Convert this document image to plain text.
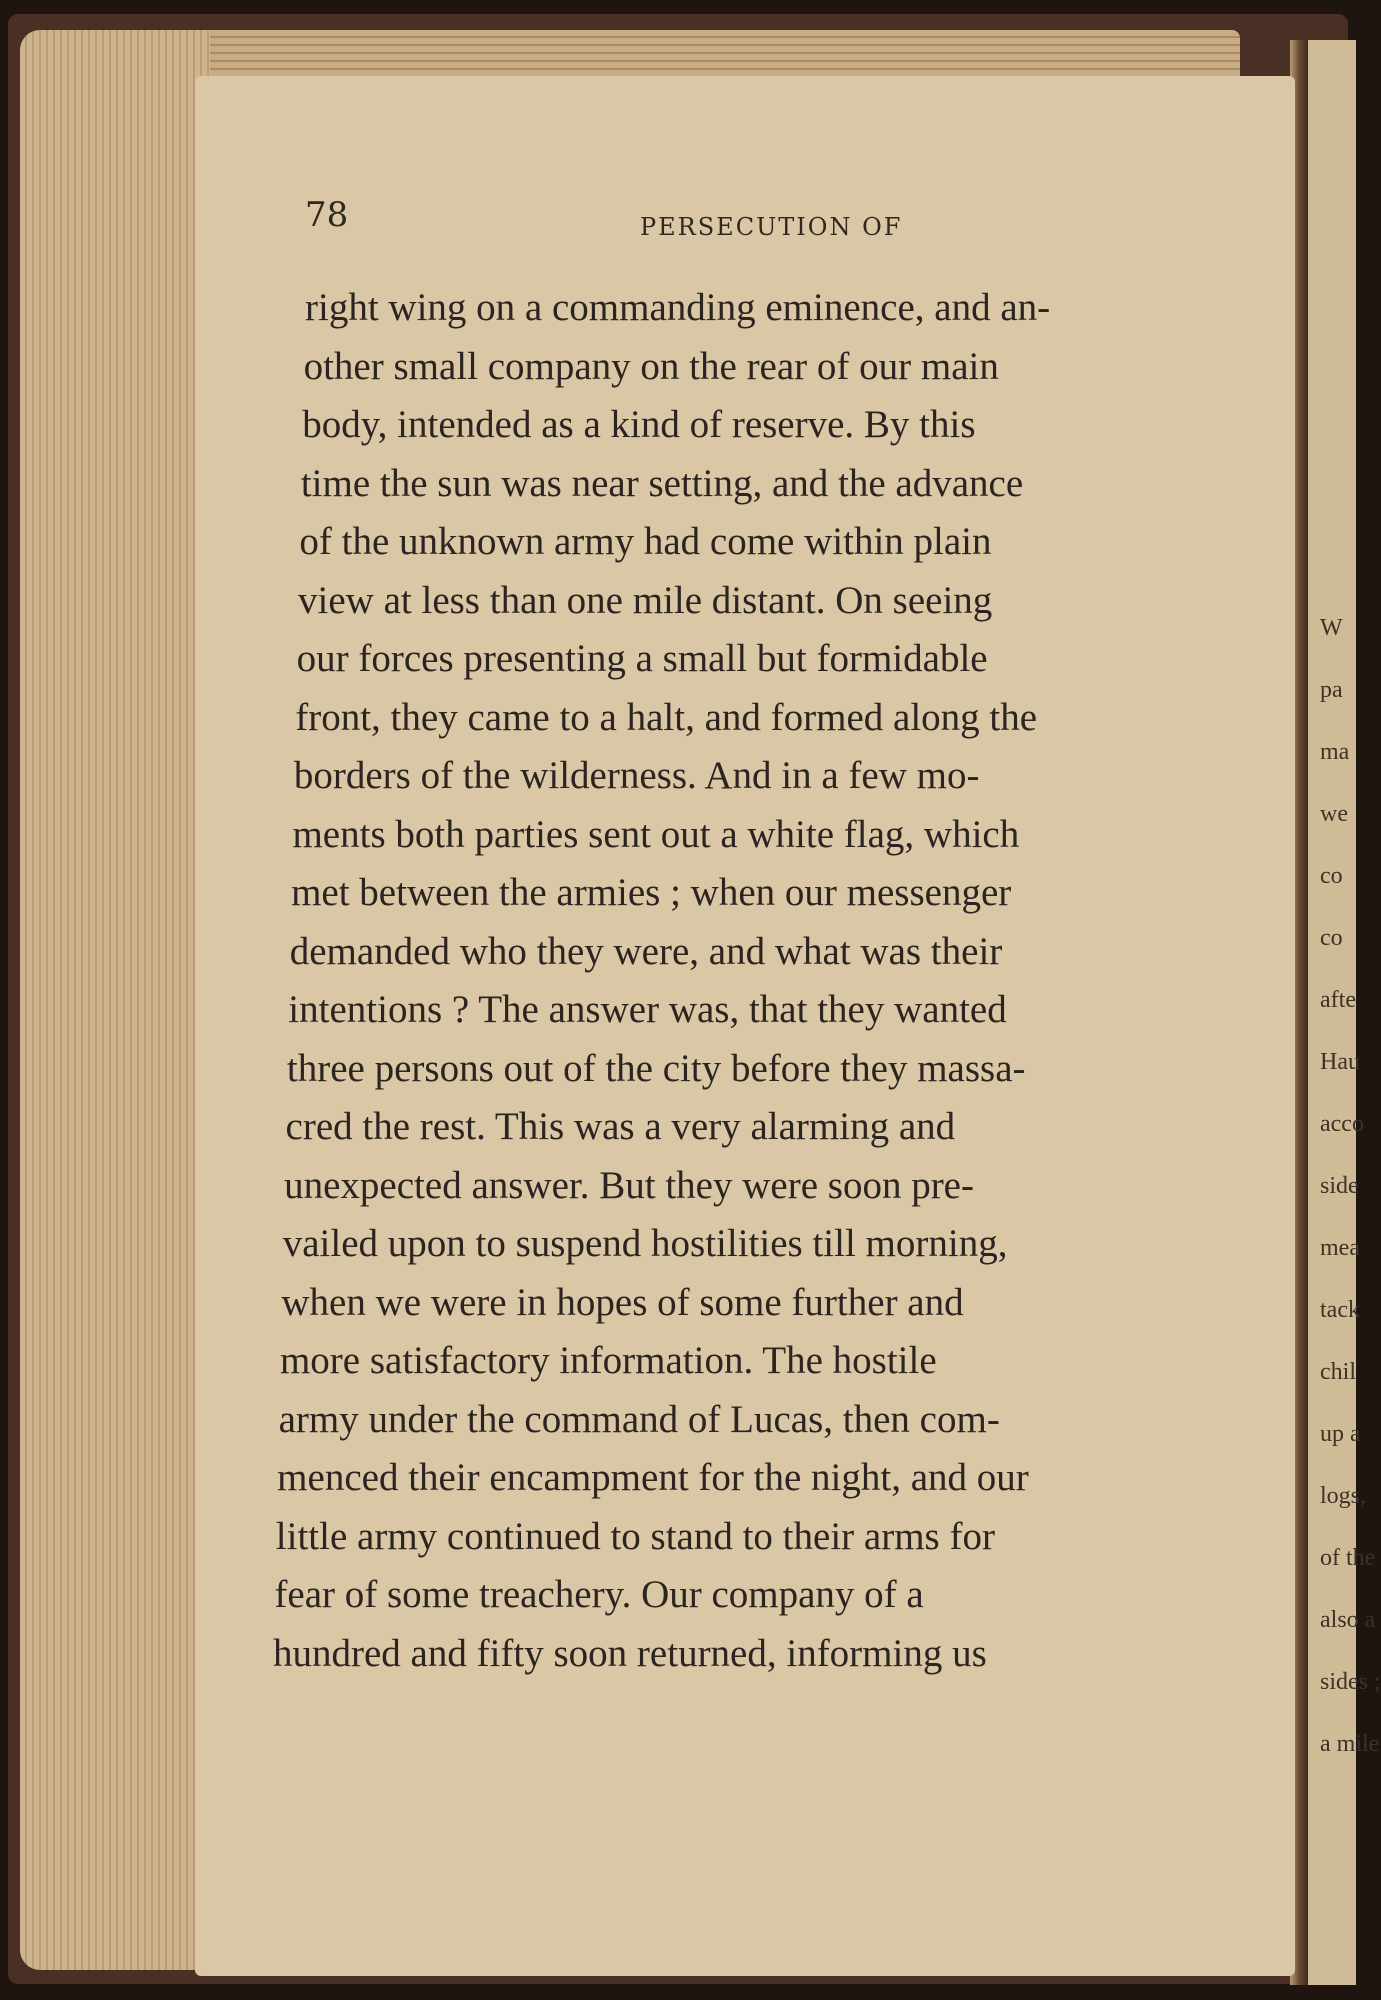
78	PERSECUTION OF
right wing on a commanding eminence, and an-
other small company on the rear of our main
body, intended as a kind of reserve. By this
time the sun was near setting, and the advance
of the unknown army had come within plain
view at less than one mile distant. On seeing
our forces presenting a small but formidable
front, they came to a halt, and formed along the
borders of the wilderness. And in a few mo-
ments both parties sent out a white flag, which
met between the armies ; when our messenger
demanded who they were, and what was their
intentions ? The answer was, that they wanted
three persons out of the city before they massa-
cred the rest. This was a very alarming and
unexpected answer. But they were soon pre-
vailed upon to suspend hostilities till morning,
when we were in hopes of some further and
more satisfactory information. The hostile
army under the command of Lucas, then com-
menced their encampment for the night, and our
little army continued to stand to their arms for
fear of some treachery. Our company of a
hundred and fifty soon returned, informing us
W
pa
ma
we
co
co
afte
Hau
acco
side
mea
tack
chil
up a
logs,
of the
also a
sides ;
a mile
